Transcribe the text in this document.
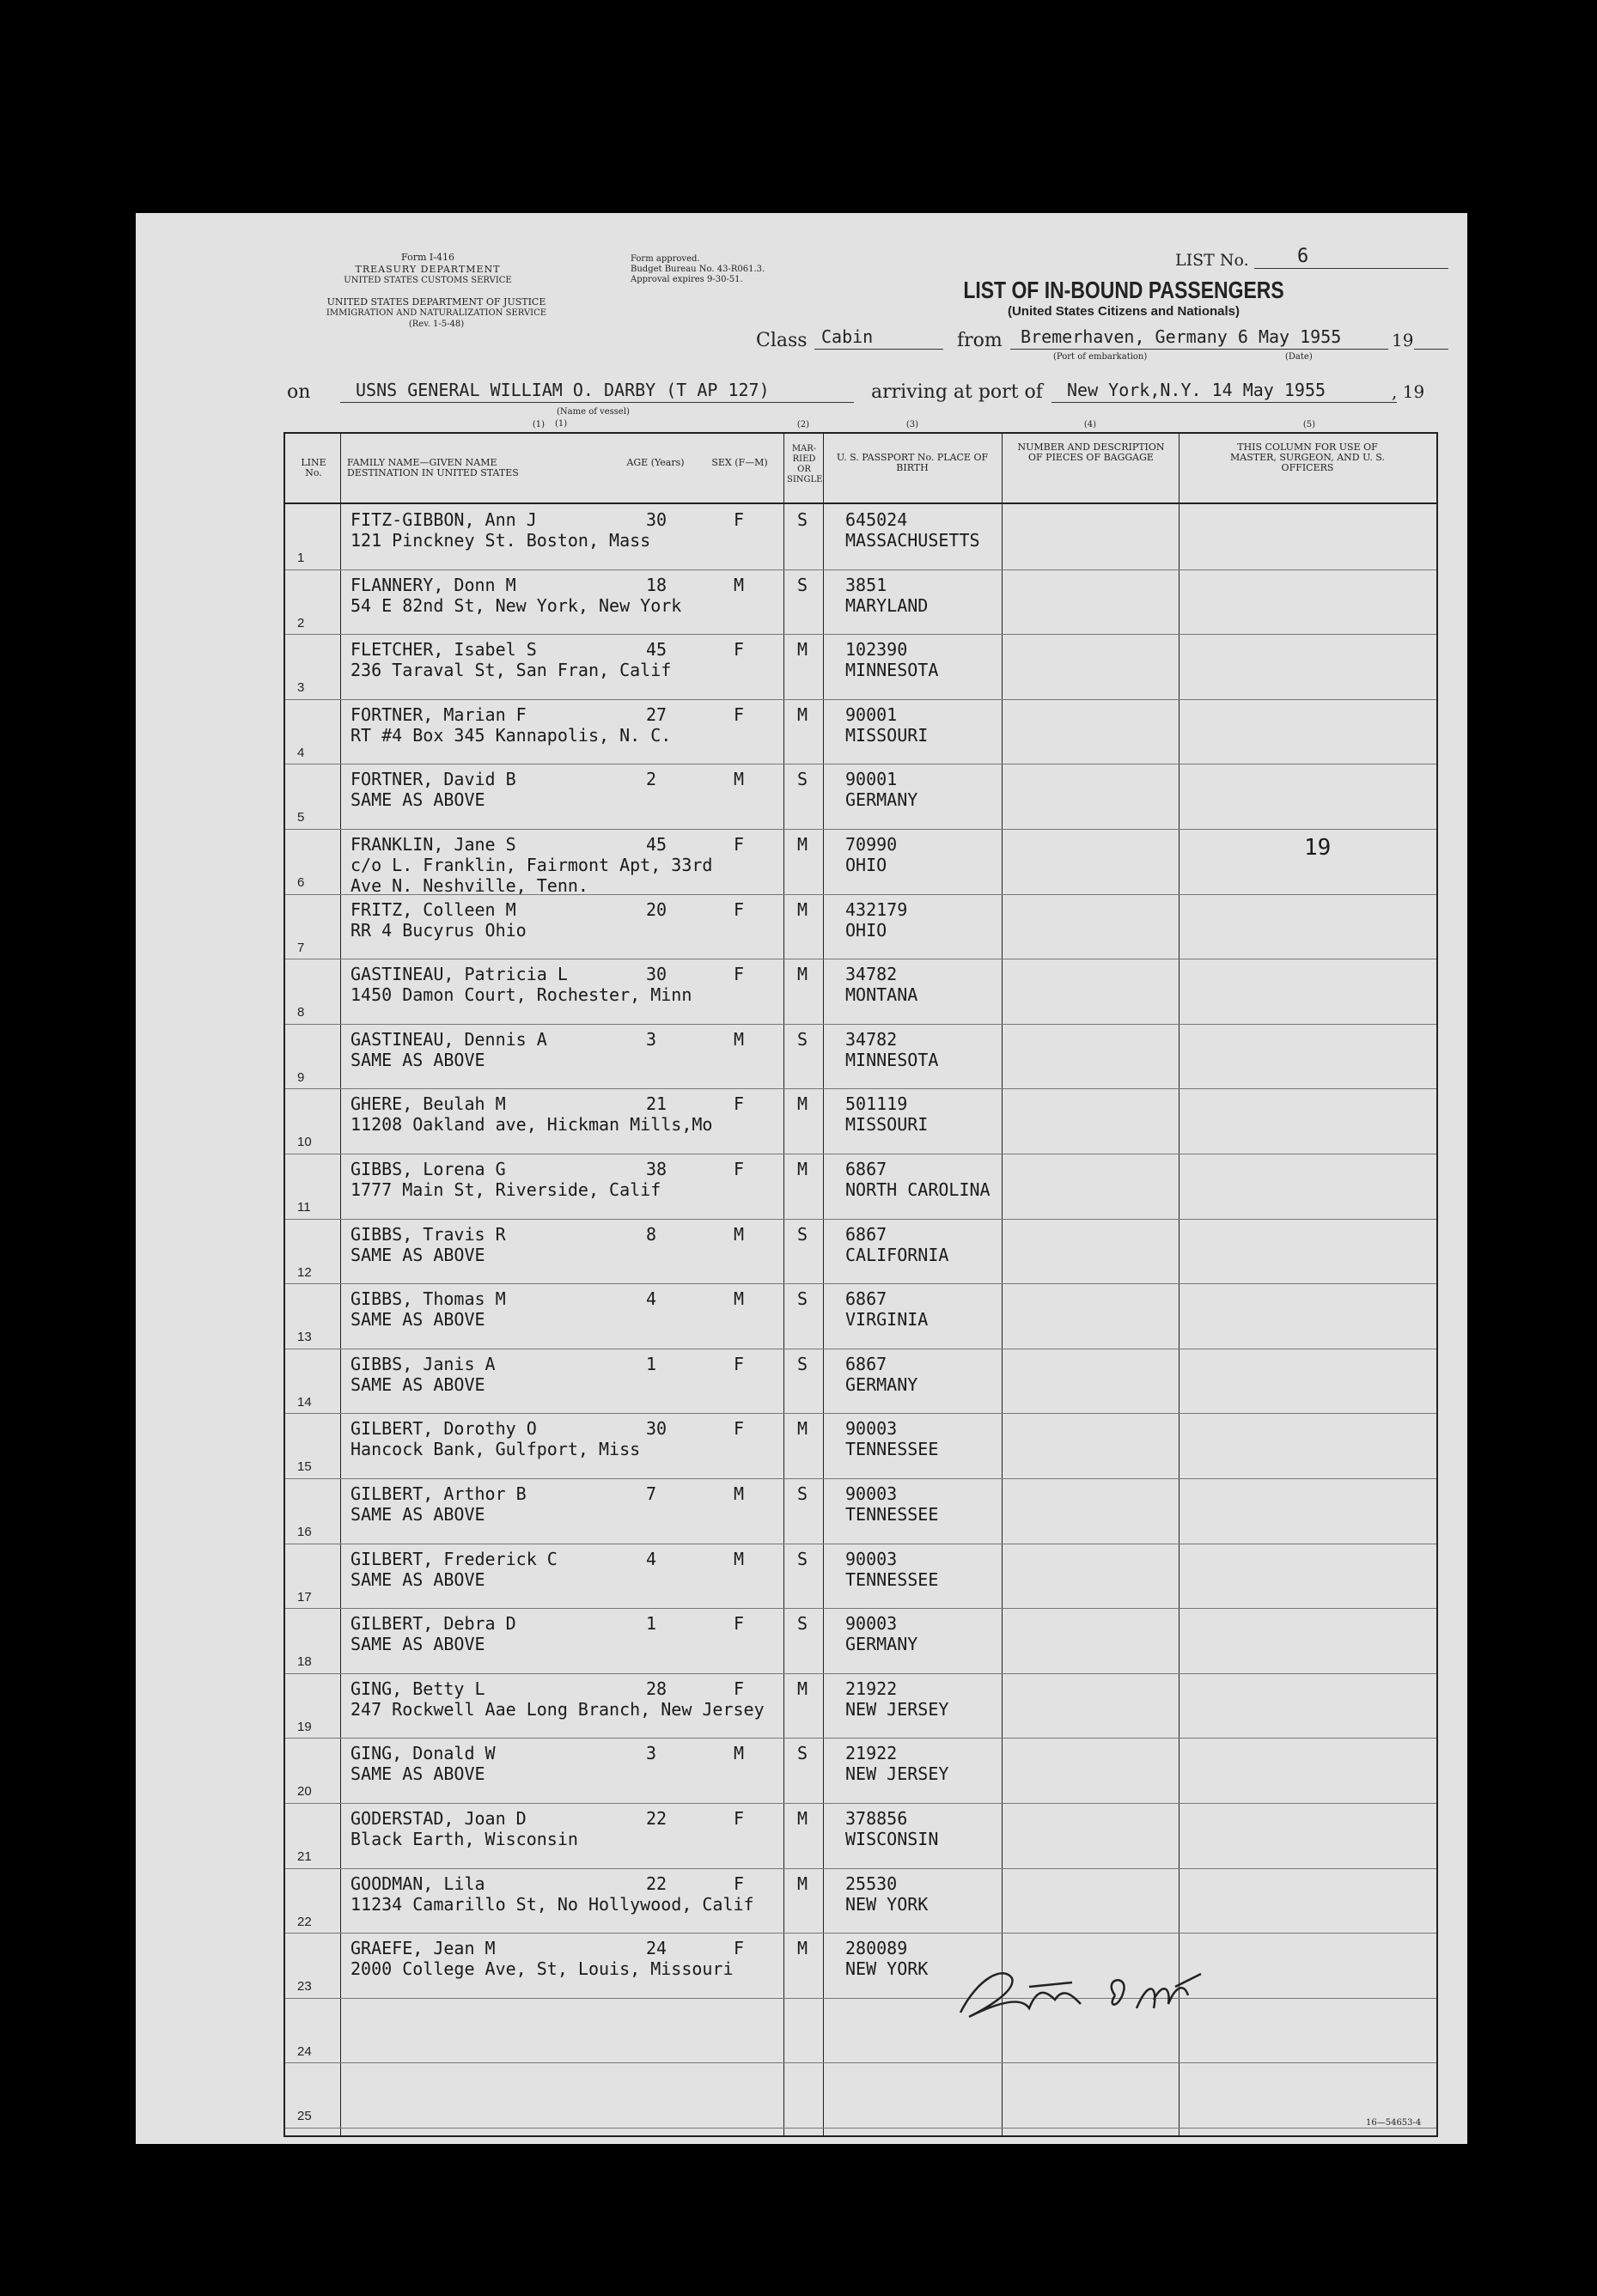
Form I-416
TREASURY DEPARTMENT
UNITED STATES CUSTOMS SERVICE
UNITED STATES DEPARTMENT OF JUSTICE
IMMIGRATION AND NATURALIZATION SERVICE
(Rev. 1-5-48)
Form approved.
Budget Bureau No. 43-R061.3.
Approval expires 9-30-51.
LIST No.	6
LIST OF IN-BOUND PASSENGERS
(United States Citizens and Nationals)
Class Cabin	from Bremerhaven, Germany 6 May 1955	19
(Port of embarkation)	(Date)
on	USNS GENERAL WILLIAM O. DARBY (T AP 127)
(Name of vessel)
(1)
arriving at port of New York,N.Y. 14 May 1955	, 19
(1)	(2)	(3)	(4)	(5)
LINE No.
FAMILY NAME—GIVEN NAME DESTINATION IN UNITED STATES
AGE (Years)	SEX (F—M)
MAR-RIED OR SINGLE
U. S. PASSPORT No. PLACE OF BIRTH
NUMBER AND DESCRIPTION OF PIECES OF BAGGAGE
THIS COLUMN FOR USE OF MASTER, SURGEON, AND U. S. OFFICERS
1
FITZ-GIBBON, Ann J
121 Pinckney St. Boston, Mass
30	F	S 645024
MASSACHUSETTS
2
FLANNERY, Donn M
54 E 82nd St, New York, New York
18	M	S 3851
MARYLAND
3
FLETCHER, Isabel S
236 Taraval St, San Fran, Calif
45	F	M 102390
MINNESOTA
4
FORTNER, Marian F
RT #4 Box 345 Kannapolis, N. C.
27	F	M 90001
MISSOURI
5
FORTNER, David B
SAME AS ABOVE
2	M	S 90001
GERMANY
6
FRANKLIN, Jane S
c/o L. Franklin, Fairmont Apt, 33rd
Ave N. Neshville, Tenn.
45	F	M 70990
OHIO
19
7
FRITZ, Colleen M
RR 4 Bucyrus Ohio
20	F	M 432179
OHIO
8
GASTINEAU, Patricia L
1450 Damon Court, Rochester, Minn
30	F	M 34782
MONTANA
9
GASTINEAU, Dennis A
SAME AS ABOVE
3	M	S 34782
MINNESOTA
10
GHERE, Beulah M
11208 Oakland ave, Hickman Mills,Mo
21	F	M 501119
MISSOURI
11
GIBBS, Lorena G
1777 Main St, Riverside, Calif
38	F	M 6867
NORTH CAROLINA
12
GIBBS, Travis R
SAME AS ABOVE
8	M	S 6867
CALIFORNIA
13
GIBBS, Thomas M
SAME AS ABOVE
4	M	S 6867
VIRGINIA
14
GIBBS, Janis A
SAME AS ABOVE
1	F	S 6867
GERMANY
15
GILBERT, Dorothy O
Hancock Bank, Gulfport, Miss
30	F	M 90003
TENNESSEE
16
GILBERT, Arthor B
SAME AS ABOVE
7	M	S 90003
TENNESSEE
17
GILBERT, Frederick C
SAME AS ABOVE
4	M	S 90003
TENNESSEE
18
GILBERT, Debra D
SAME AS ABOVE
1	F	S 90003
GERMANY
19
GING, Betty L
247 Rockwell Aae Long Branch, New Jersey
28	F	M 21922
NEW JERSEY
20
GING, Donald W
SAME AS ABOVE
3	M	S 21922
NEW JERSEY
21
GODERSTAD, Joan D
Black Earth, Wisconsin
22	F	M 378856
WISCONSIN
22
GOODMAN, Lila
11234 Camarillo St, No Hollywood, Calif
22	F	M 25530
NEW YORK
23
GRAEFE, Jean M
2000 College Ave, St, Louis, Missouri
24	F	M 280089
NEW YORK
24
25	16—54653-4
